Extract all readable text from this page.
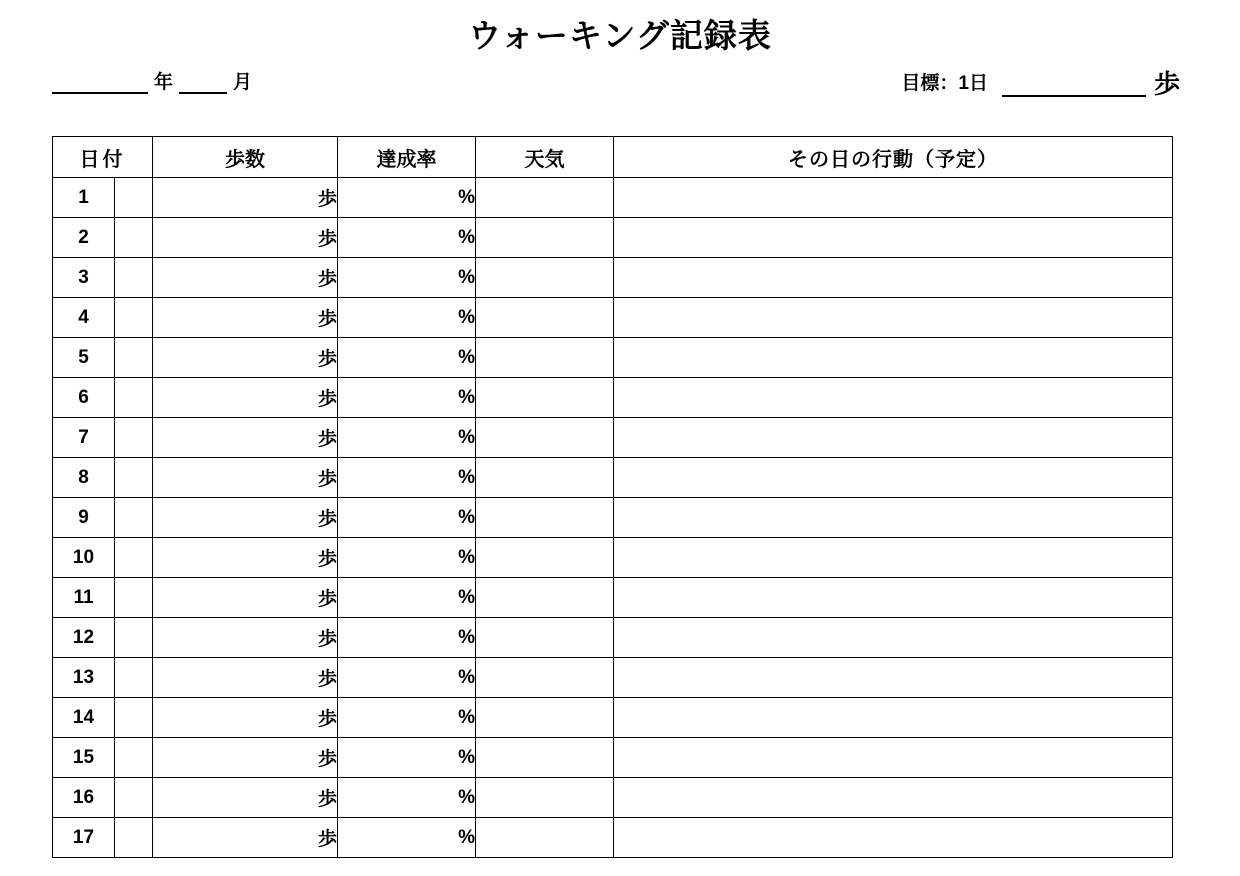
ウォーキング記録表
年	月	目標：1日	歩
日付		歩数	達成率	天気	その日の行動（予定）
1		歩	%		
2		歩	%		
3		歩	%		
4		歩	%		
5		歩	%		
6		歩	%		
7		歩	%		
8		歩	%		
9		歩	%		
10		歩	%		
11		歩	%		
12		歩	%		
13		歩	%		
14		歩	%		
15		歩	%		
16		歩	%		
17		歩	%		
